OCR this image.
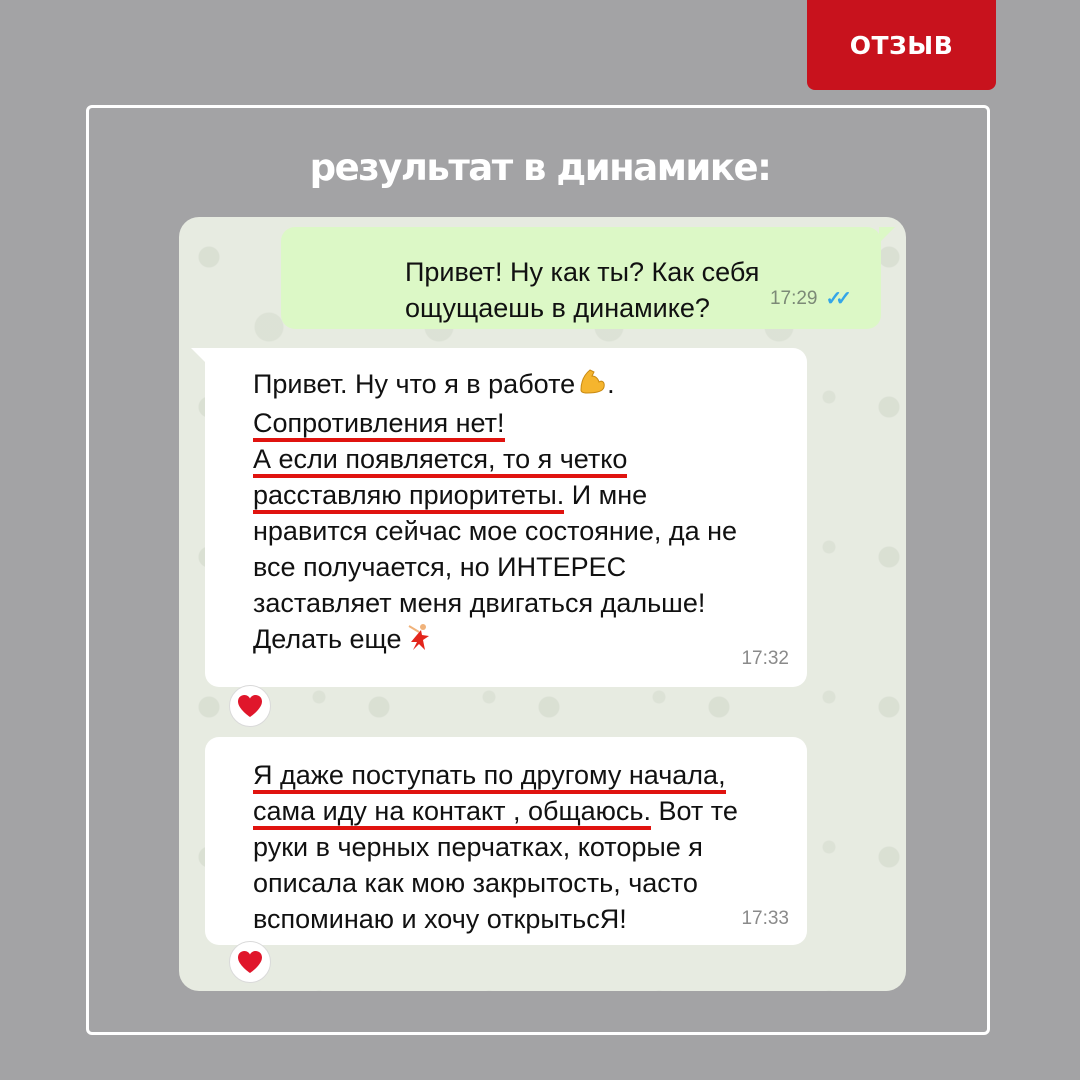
ОТЗЫВ
результат в динамике:
Привет! Ну как ты? Как себя
ощущаешь в динамике?	17:29 ✓✓
Привет. Ну что я в работе .
Сопротивления нет!
А если появляется, то я четко
расставляю приоритеты. И мне
нравится сейчас мое состояние, да не
все получается, но ИНТЕРЕС
заставляет меня двигаться дальше!
Делать еще
17:32
Я даже поступать по другому начала,
сама иду на контакт , общаюсь. Вот те
руки в черных перчатках, которые я
описала как мою закрытость, часто
вспоминаю и хочу открытьсЯ!	17:33
